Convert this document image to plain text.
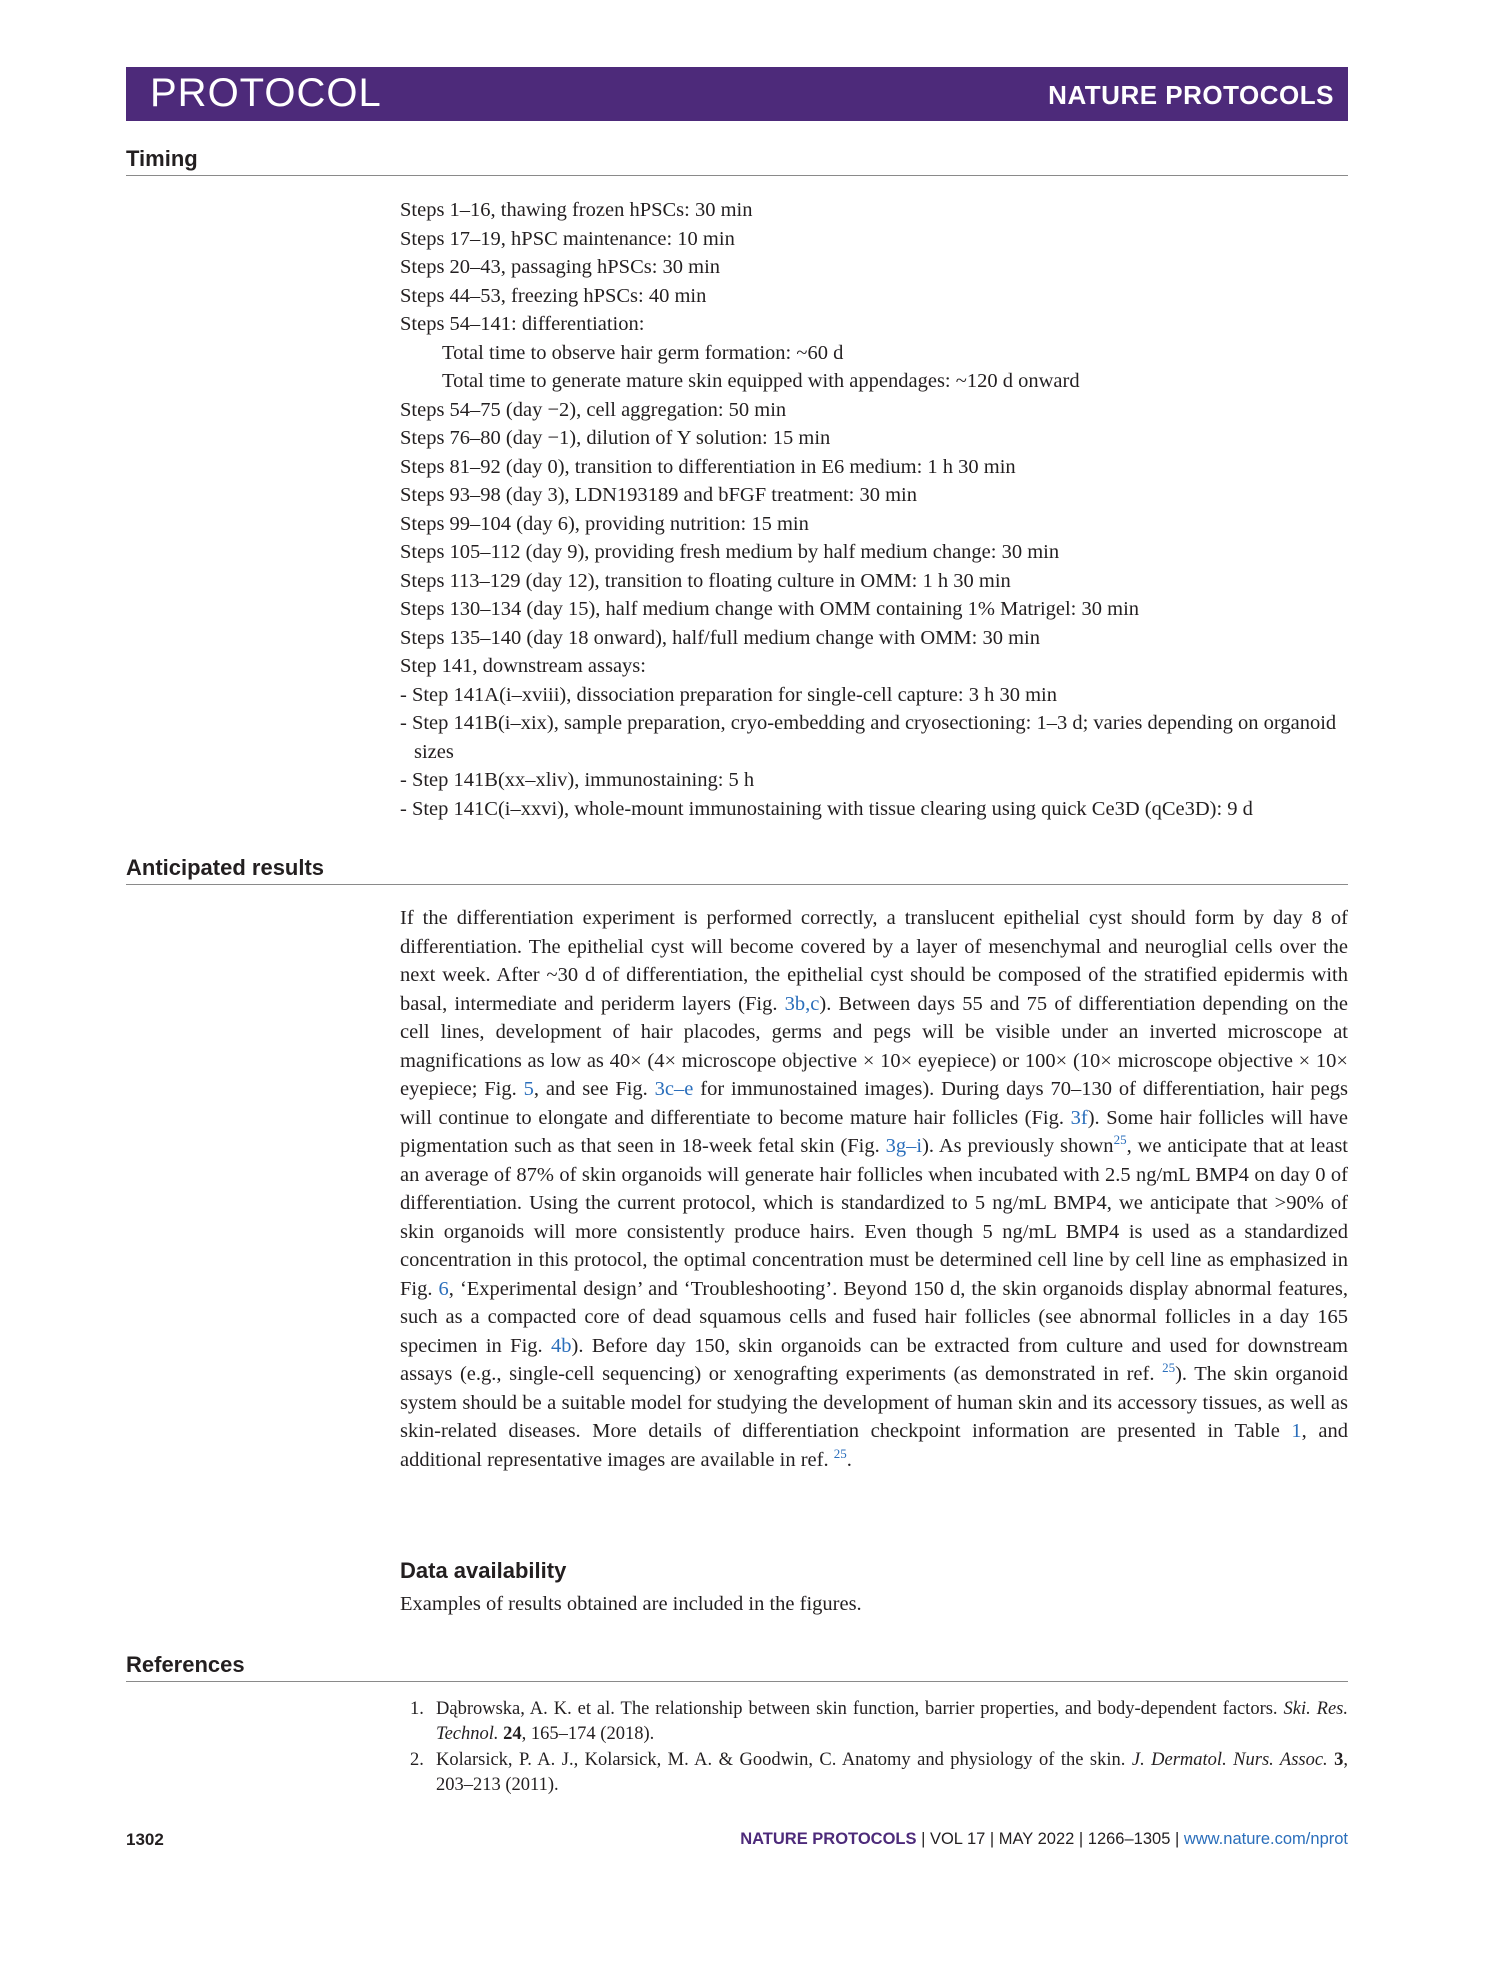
PROTOCOL	NATURE PROTOCOLS
Timing
Steps 1–16, thawing frozen hPSCs: 30 min
Steps 17–19, hPSC maintenance: 10 min
Steps 20–43, passaging hPSCs: 30 min
Steps 44–53, freezing hPSCs: 40 min
Steps 54–141: differentiation:
Total time to observe hair germ formation: ~60 d
Total time to generate mature skin equipped with appendages: ~120 d onward
Steps 54–75 (day −2), cell aggregation: 50 min
Steps 76–80 (day −1), dilution of Y solution: 15 min
Steps 81–92 (day 0), transition to differentiation in E6 medium: 1 h 30 min
Steps 93–98 (day 3), LDN193189 and bFGF treatment: 30 min
Steps 99–104 (day 6), providing nutrition: 15 min
Steps 105–112 (day 9), providing fresh medium by half medium change: 30 min
Steps 113–129 (day 12), transition to floating culture in OMM: 1 h 30 min
Steps 130–134 (day 15), half medium change with OMM containing 1% Matrigel: 30 min
Steps 135–140 (day 18 onward), half/full medium change with OMM: 30 min
Step 141, downstream assays:
- Step 141A(i–xviii), dissociation preparation for single-cell capture: 3 h 30 min
- Step 141B(i–xix), sample preparation, cryo-embedding and cryosectioning: 1–3 d; varies depending on organoid sizes
- Step 141B(xx–xliv), immunostaining: 5 h
- Step 141C(i–xxvi), whole-mount immunostaining with tissue clearing using quick Ce3D (qCe3D): 9 d
Anticipated results
If the differentiation experiment is performed correctly, a translucent epithelial cyst should form by day 8 of differentiation. The epithelial cyst will become covered by a layer of mesenchymal and neuroglial cells over the next week. After ~30 d of differentiation, the epithelial cyst should be composed of the stratified epidermis with basal, intermediate and periderm layers (Fig. 3b,c). Between days 55 and 75 of differentiation depending on the cell lines, development of hair placodes, germs and pegs will be visible under an inverted microscope at magnifications as low as 40× (4× microscope objective × 10× eyepiece) or 100× (10× microscope objective × 10× eyepiece; Fig. 5, and see Fig. 3c–e for immunostained images). During days 70–130 of differentiation, hair pegs will continue to elongate and differentiate to become mature hair follicles (Fig. 3f). Some hair follicles will have pigmentation such as that seen in 18-week fetal skin (Fig. 3g–i). As previously shown$^{25}$, we anticipate that at least an average of 87% of skin organoids will generate hair follicles when incubated with 2.5 ng/mL BMP4 on day 0 of differentiation. Using the current protocol, which is standardized to 5 ng/mL BMP4, we anticipate that >90% of skin organoids will more consistently produce hairs. Even though 5 ng/mL BMP4 is used as a standardized concentration in this protocol, the optimal concentration must be determined cell line by cell line as emphasized in Fig. 6, ‘Experimental design’ and ‘Troubleshooting’. Beyond 150 d, the skin organoids display abnormal features, such as a compacted core of dead squamous cells and fused hair follicles (see abnormal follicles in a day 165 specimen in Fig. 4b). Before day 150, skin organoids can be extracted from culture and used for downstream assays (e.g., single-cell sequencing) or xenografting experiments (as demonstrated in ref. $^{25}$). The skin organoid system should be a suitable model for studying the development of human skin and its accessory tissues, as well as skin-related diseases. More details of differentiation checkpoint information are presented in Table 1, and additional representative images are available in ref. $^{25}$.
Data availability
Examples of results obtained are included in the figures.
References
1. Dąbrowska, A. K. et al. The relationship between skin function, barrier properties, and body-dependent factors. Ski. Res. Technol. 24, 165–174 (2018).
2. Kolarsick, P. A. J., Kolarsick, M. A. & Goodwin, C. Anatomy and physiology of the skin. J. Dermatol. Nurs. Assoc. 3, 203–213 (2011).
1302	NATURE PROTOCOLS | VOL 17 | MAY 2022 | 1266–1305 | www.nature.com/nprot
